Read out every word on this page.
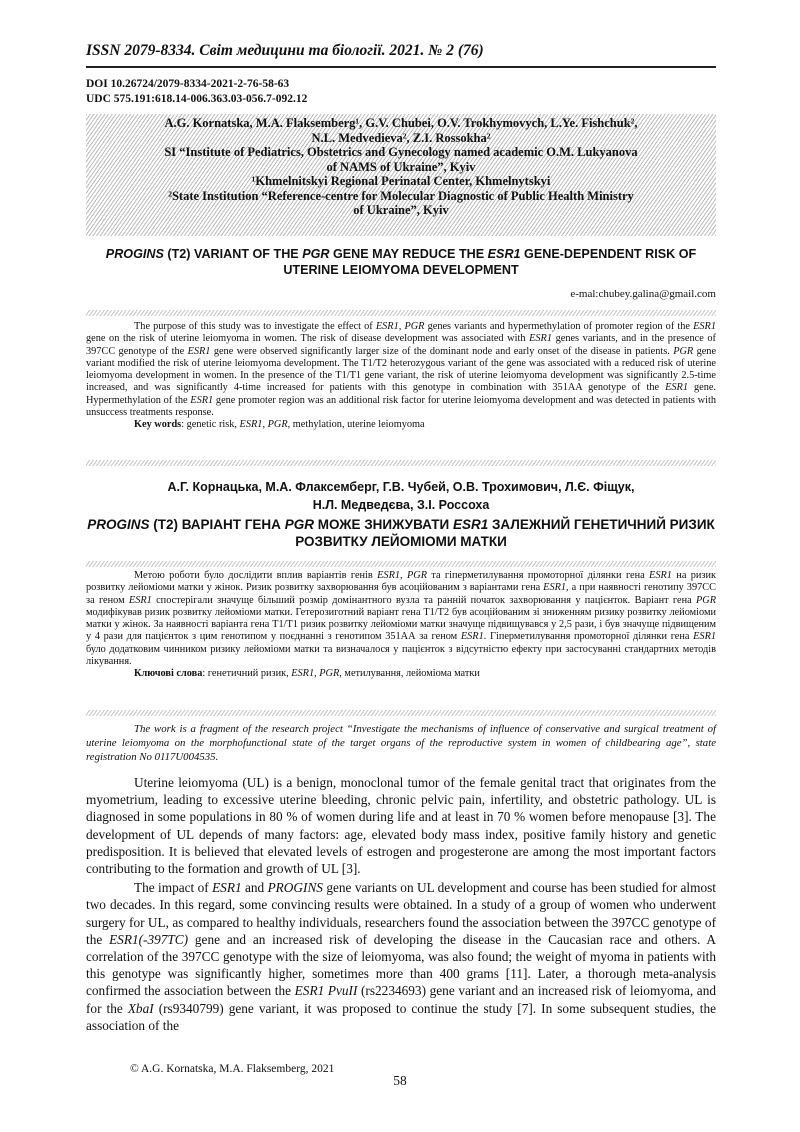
ISSN 2079-8334. Світ медицини та біології. 2021. № 2 (76)
DOI 10.26724/2079-8334-2021-2-76-58-63
UDC 575.191:618.14-006.363.03-056.7-092.12
A.G. Kornatska, M.A. Flaksemberg¹, G.V. Chubei, O.V. Trokhymovych, L.Ye. Fishchuk²,
N.L. Medvedieva², Z.I. Rossokha²
SI “Institute of Pediatrics, Obstetrics and Gynecology named academic O.M. Lukyanova
of NAMS of Ukraine”, Kyiv
¹Khmelnitskyi Regional Perinatal Center, Khmelnytskyi
²State Institution “Reference-centre for Molecular Diagnostic of Public Health Ministry
of Ukraine”, Kyiv
PROGINS (T2) VARIANT OF THE PGR GENE MAY REDUCE THE ESR1 GENE-DEPENDENT RISK OF UTERINE LEIOMYOMA DEVELOPMENT
e-mal:chubey.galina@gmail.com

The purpose of this study was to investigate the effect of ESR1, PGR genes variants and hypermethylation of promoter region of the ESR1 gene on the risk of uterine leiomyoma in women. The risk of disease development was associated with ESR1 genes variants, and in the presence of 397CC genotype of the ESR1 gene were observed significantly larger size of the dominant node and early onset of the disease in patients. PGR gene variant modified the risk of uterine leiomyoma development. The T1/T2 heterozygous variant of the gene was associated with a reduced risk of uterine leiomyoma development in women. In the presence of the T1/T1 gene variant, the risk of uterine leiomyoma development was significantly 2.5-time increased, and was significantly 4-time increased for patients with this genotype in combination with 351AA genotype of the ESR1 gene. Hypermethylation of the ESR1 gene promoter region was an additional risk factor for uterine leiomyoma development and was detected in patients with unsuccess treatments response.

Key words: genetic risk, ESR1, PGR, methylation, uterine leiomyoma
А.Г. Корнацька, М.А. Флаксемберг, Г.В. Чубей, О.В. Трохимович, Л.Є. Фіщук,
Н.Л. Медведєва, З.І. Россоха
PROGINS (Т2) ВАРІАНТ ГЕНА PGR МОЖЕ ЗНИЖУВАТИ ESR1 ЗАЛЕЖНИЙ ГЕНЕТИЧНИЙ РИЗИК РОЗВИТКУ ЛЕЙОМІОМИ МАТКИ

Метою роботи було дослідити вплив варіантів генів ESR1, PGR та гіперметилування промоторної ділянки гена ESR1 на ризик розвитку лейоміоми матки у жінок. Ризик розвитку захворювання був асоційованим з варіантами гена ESR1, а при наявності генотипу 397СС за геном ESR1 спостерігали значуще більший розмір домінантного вузла та ранній початок захворювання у пацієнток. Варіант гена PGR модифікував ризик розвитку лейоміоми матки. Гетерозиготний варіант гена Т1/Т2 був асоційованим зі зниженням ризику розвитку лейоміоми матки у жінок. За наявності варіанта гена Т1/Т1 ризик розвитку лейоміоми матки значуще підвищувався у 2,5 рази, і був значуще підвищеним у 4 рази для пацієнток з цим генотипом у поєднанні з генотипом 351АА за геном ESR1. Гіперметилування промоторної ділянки гена ESR1 було додатковим чинником ризику лейоміоми матки та визначалося у пацієнток з відсутністю ефекту при застосуванні стандартних методів лікування.

Ключові слова: генетичний ризик, ESR1, PGR, метилування, лейоміома матки
The work is a fragment of the research project “Investigate the mechanisms of influence of conservative and surgical treatment of uterine leiomyoma on the morphofunctional state of the target organs of the reproductive system in women of childbearing age”, state registration No 0117U004535.

Uterine leiomyoma (UL) is a benign, monoclonal tumor of the female genital tract that originates from the myometrium, leading to excessive uterine bleeding, chronic pelvic pain, infertility, and obstetric pathology. UL is diagnosed in some populations in 80 % of women during life and at least in 70 % women before menopause [3]. The development of UL depends of many factors: age, elevated body mass index, positive family history and genetic predisposition. It is believed that elevated levels of estrogen and progesterone are among the most important factors contributing to the formation and growth of UL [3].

The impact of ESR1 and PROGINS gene variants on UL development and course has been studied for almost two decades. In this regard, some convincing results were obtained. In a study of a group of women who underwent surgery for UL, as compared to healthy individuals, researchers found the association between the 397CC genotype of the ESR1(-397TC) gene and an increased risk of developing the disease in the Caucasian race and others. A correlation of the 397CC genotype with the size of leiomyoma, was also found; the weight of myoma in patients with this genotype was significantly higher, sometimes more than 400 grams [11]. Later, a thorough meta-analysis confirmed the association between the ESR1 PvuII (rs2234693) gene variant and an increased risk of leiomyoma, and for the XbaI (rs9340799) gene variant, it was proposed to continue the study [7]. In some subsequent studies, the association of the

© A.G. Kornatska, M.A. Flaksemberg, 2021
58
